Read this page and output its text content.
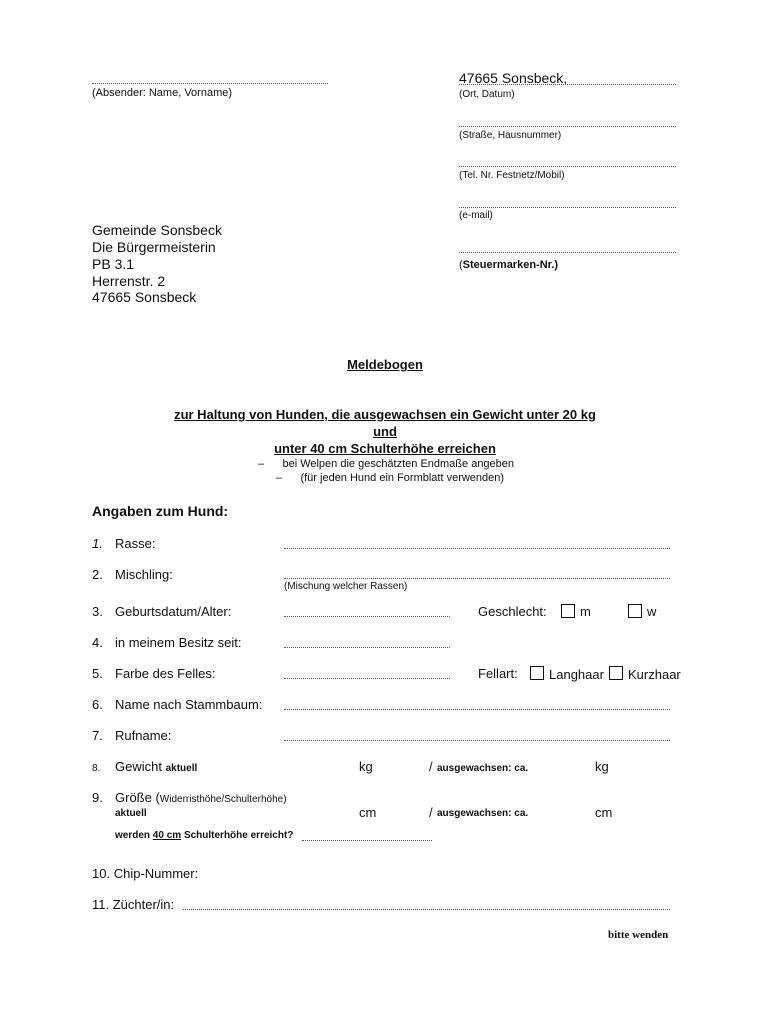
(Absender: Name, Vorname)
47665 Sonsbeck,
(Ort, Datum)
(Straße, Hausnummer)
(Tel. Nr. Festnetz/Mobil)
(e-mail)
(Steuermarken-Nr.)
Gemeinde Sonsbeck
Die Bürgermeisterin
PB 3.1
Herrenstr. 2
47665 Sonsbeck
Meldebogen
zur Haltung von Hunden, die ausgewachsen ein Gewicht unter 20 kg
und
unter 40 cm Schulterhöhe erreichen
–      bei Welpen die geschätzten Endmaße angeben
–      (für jeden Hund ein Formblatt verwenden)
Angaben zum Hund:
1. Rasse:
2. Mischling:
(Mischung welcher Rassen)
3. Geburtsdatum/Alter:	Geschlecht:	m	w
4. in meinem Besitz seit:
5. Farbe des Felles:	Fellart: Langhaar Kurzhaar
6. Name nach Stammbaum:
7. Rufname:
8. Gewicht aktuell	kg	/ ausgewachsen: ca.	kg
9. Größe (Widerristhöhe/Schulterhöhe)
aktuell	cm	/ ausgewachsen: ca.	cm
werden 40 cm Schulterhöhe erreicht?
10. Chip-Nummer:
11. Züchter/in:
bitte wenden
